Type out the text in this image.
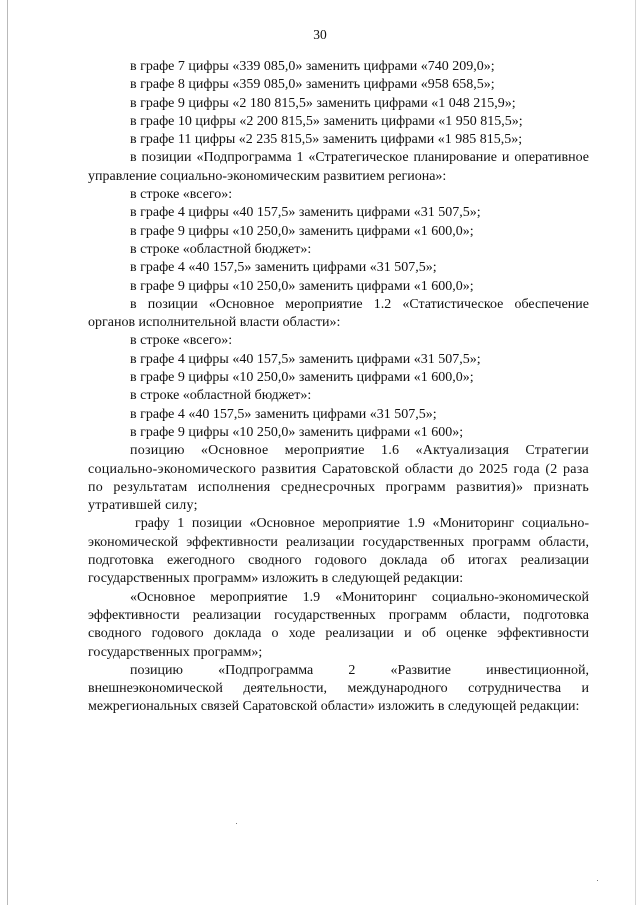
30

в графе 7 цифры «339 085,0» заменить цифрами «740 209,0»;

в графе 8 цифры «359 085,0» заменить цифрами «958 658,5»;

в графе 9 цифры «2 180 815,5» заменить цифрами «1 048 215,9»;

в графе 10 цифры «2 200 815,5» заменить цифрами «1 950 815,5»;

в графе 11 цифры «2 235 815,5» заменить цифрами «1 985 815,5»;

в позиции «Подпрограмма 1 «Стратегическое планирование и оперативное управление социально-экономическим развитием региона»:

в строке «всего»:

в графе 4 цифры «40 157,5» заменить цифрами «31 507,5»;

в графе 9 цифры «10 250,0» заменить цифрами «1 600,0»;

в строке «областной бюджет»:

в графе 4 «40 157,5» заменить цифрами «31 507,5»;

в графе 9 цифры «10 250,0» заменить цифрами «1 600,0»;

в позиции «Основное мероприятие 1.2 «Статистическое обеспечение органов исполнительной власти области»:

в строке «всего»:

в графе 4 цифры «40 157,5» заменить цифрами «31 507,5»;

в графе 9 цифры «10 250,0» заменить цифрами «1 600,0»;

в строке «областной бюджет»:

в графе 4 «40 157,5» заменить цифрами «31 507,5»;

в графе 9 цифры «10 250,0» заменить цифрами «1 600»;

позицию «Основное мероприятие 1.6 «Актуализация Стратегии социально-экономического развития Саратовской области до 2025 года (2 раза по результатам исполнения среднесрочных программ развития)» признать утратившей силу;

графу 1 позиции «Основное мероприятие 1.9 «Мониторинг социально-экономической эффективности реализации государственных программ области, подготовка ежегодного сводного годового доклада об итогах реализации государственных программ» изложить в следующей редакции:

«Основное мероприятие 1.9 «Мониторинг социально-экономической эффективности реализации государственных программ области, подготовка сводного годового доклада о ходе реализации и об оценке эффективности государственных программ»;

позицию «Подпрограмма 2 «Развитие инвестиционной, внешнеэкономической деятельности, международного сотрудничества и межрегиональных связей Саратовской области» изложить в следующей редакции:
